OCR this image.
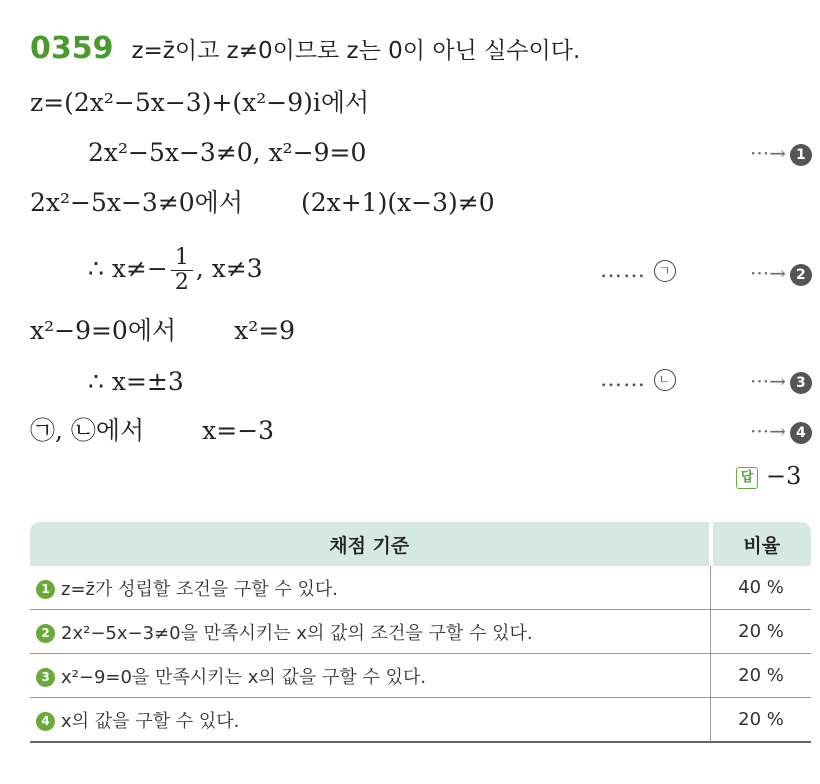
0359 z=z̄이고 z≠0이므로 z는 0이 아닌 실수이다.
z=(2x²−5x−3)+(x²−9)i에서
2x²−5x−3≠0, x²−9=0	···→ 1
2x²−5x−3≠0에서 (2x+1)(x−3)≠0
∴ $x\ne- \frac{1}{2}$ , x≠3	…… ㄱ	···→ 2
x²−9=0에서 x²=9
∴ x=±3	…… ㄴ	···→ 3
㉠, ㉡에서 x=−3	···→ 4
답 −3
채점 기준	비율
1 z=z̄가 성립할 조건을 구할 수 있다.	40 %
2 2x²−5x−3≠0을 만족시키는 x의 값의 조건을 구할 수 있다.	20 %
3 x²−9=0을 만족시키는 x의 값을 구할 수 있다.	20 %
4 x의 값을 구할 수 있다.	20 %
